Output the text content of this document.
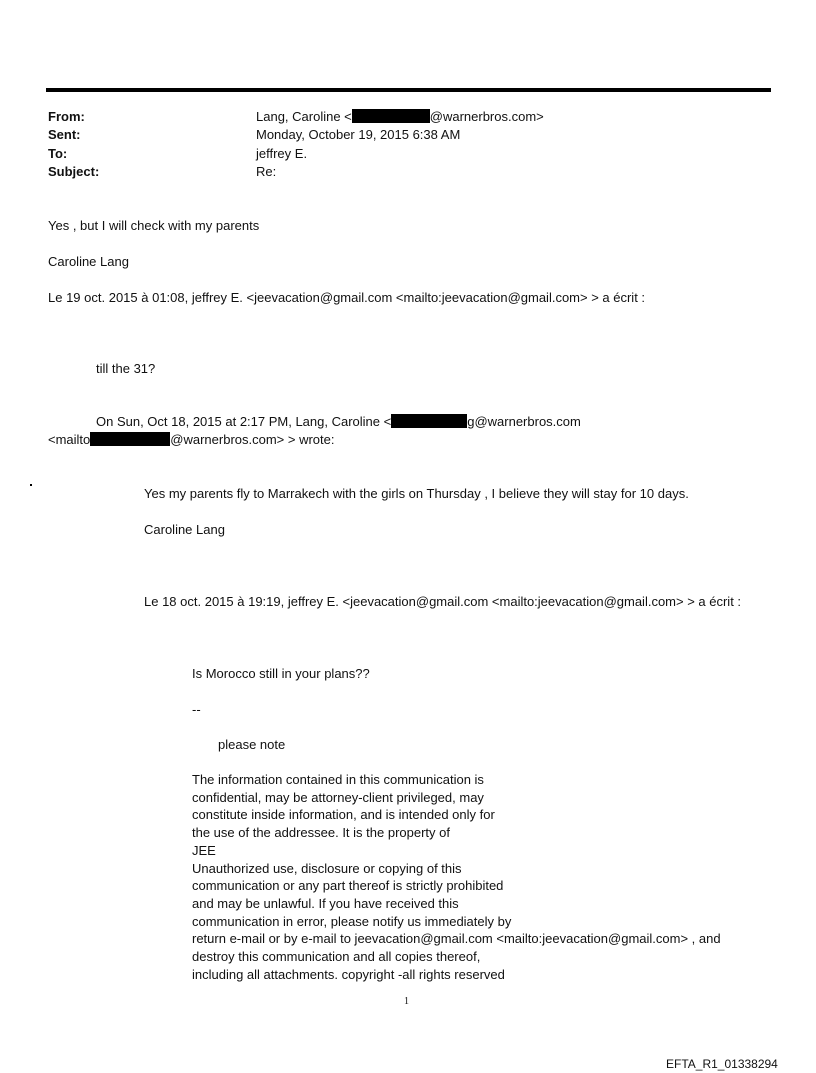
From:	Lang, Caroline <	@warnerbros.com>
Sent:	Monday, October 19, 2015 6:38 AM
To:	jeffrey E.
Subject:	Re:
Yes , but I will check with my parents
Caroline Lang
Le 19 oct. 2015 à 01:08, jeffrey E. <jeevacation@gmail.com <mailto:jeevacation@gmail.com> > a écrit :
till the 31?
On Sun, Oct 18, 2015 at 2:17 PM, Lang, Caroline <	g@warnerbros.com
<mailto	@warnerbros.com> > wrote:
Yes my parents fly to Marrakech with the girls on Thursday , I believe they will stay for 10 days.
Caroline Lang
Le 18 oct. 2015 à 19:19, jeffrey E. <jeevacation@gmail.com <mailto:jeevacation@gmail.com> > a écrit :
Is Morocco still in your plans??
--
please note
The information contained in this communication is
confidential, may be attorney-client privileged, may
constitute inside information, and is intended only for
the use of the addressee. It is the property of
JEE
Unauthorized use, disclosure or copying of this
communication or any part thereof is strictly prohibited
and may be unlawful. If you have received this
communication in error, please notify us immediately by
return e-mail or by e-mail to jeevacation@gmail.com <mailto:jeevacation@gmail.com> , and
destroy this communication and all copies thereof,
including all attachments. copyright -all rights reserved
1
EFTA_R1_01338294
